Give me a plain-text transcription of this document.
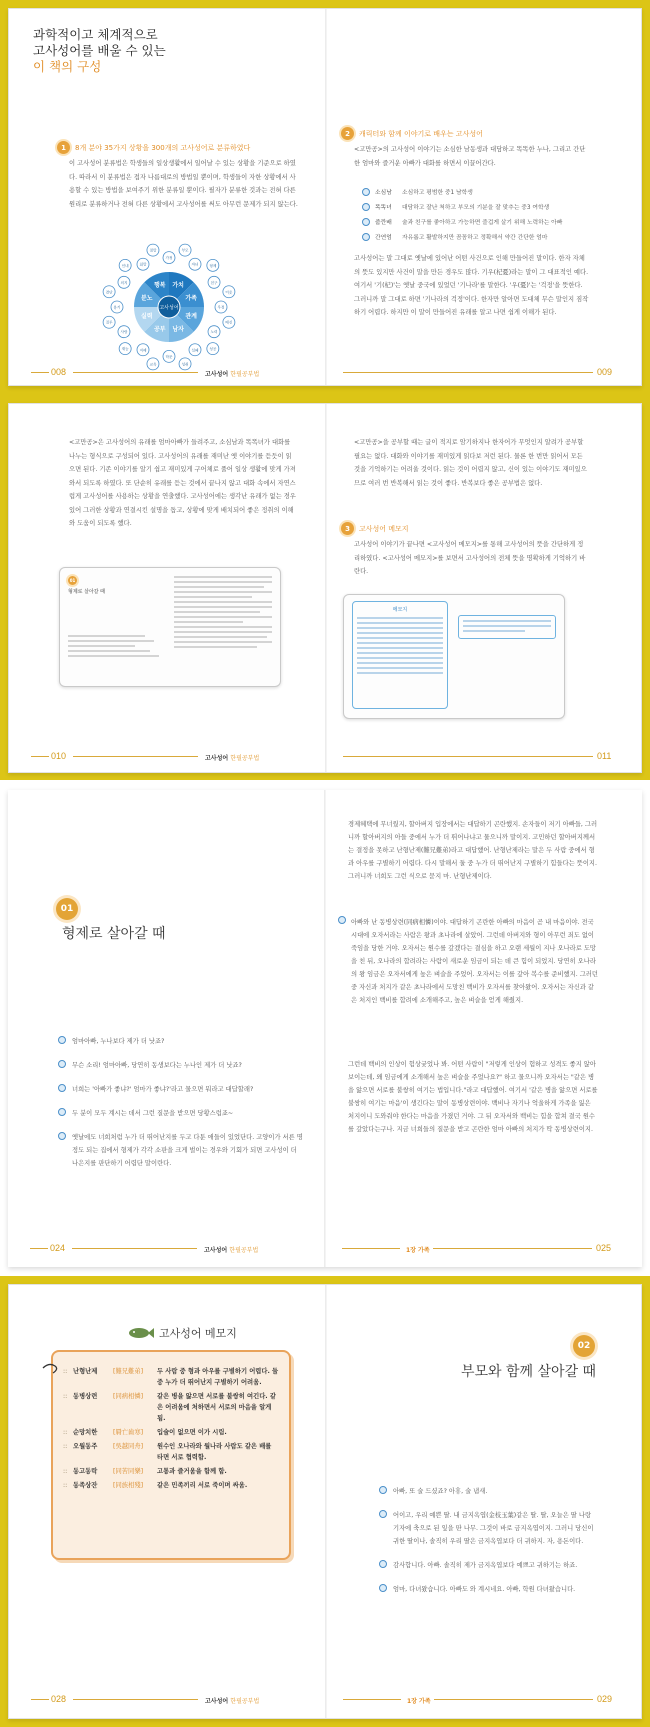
과학적이고 체계적으로
고사성어를 배울 수 있는
이 책의 구성
1	8개 분야 35가지 상황을 300개의 고사성어로 분류하였다
이 고사성어 분류법은 학생들의 일상생활에서 일어날 수 있는 상황을 기준으로 하였다. 따라서 이 분류법은 접자 나름대로의 방법일 뿐이며, 학생들이 자한 상황에서 사용할 수 있는 방법을 보여주기 위한 분류일 뿐이다. 필자가 분류한 것과는 전혀 다른 원리로 분류하거나 전혀 다른 상황에서 고사성어를 써도 아무런 문제가 되지 않는다.
고사성어
가치
가족
관계
남자
공부
실력
분노
행복
가정
부모
자녀	형제
친구
이웃
우정
배신
노력
성공
실패
성취
학문
교육
지혜
재능
사랑
질투
용기
결단
의지
인내	희망
절망
008	고사성어 한필공부법
2	캐릭터와 함께 이야기로 배우는 고사성어
<고만공>의 고사성어 이야기는 소심한 남동생과 대담하고 똑똑한 누나, 그리고 간단한 엄마와 즐거운 아빠가 대화를 하면서 이끌어간다.
소심남	소심하고 평범한 중1 남학생
똑똑녀	대담하고 잘난 척하고 부모의 기분을 잘 맞추는 중3 여학생
줍깐배	술과 친구를 좋아하고 가능하면 즐겁게 살기 위해 노력하는 아빠
간연엄	자유롭고 활발하지만 꼼꼼하고 정확해서 약간 간단한 엄마
고사성어는 말 그대로 옛날에 있어난 어떤 사건으로 인해 만들어진 말이다. 한자 자체의 뜻도 있지만 사건이 말을 만든 경우도 많다. 기우(杞憂)라는 말이 그 대표적인 예다. 여기서 '기(杞)'는 옛날 중국에 있었던 '기나라'를 말한다. '우(憂)'는 '걱정'을 뜻한다. 그러니까 말 그대로 하면 '기나라의 걱정'이다. 한자만 알아면 도대체 무슨 말인지 짐작하기 어렵다. 하지만 이 말이 만들어진 유래를 알고 나면 쉽게 이해가 된다.
009
<고만공>은 고사성어의 유래를 엄마아빠가 들려주고, 소심남과 똑똑녀가 대화를 나누는 형식으로 구성되어 있다. 고사성어의 유래를 재미난 옛 이야기를 듣듯이 읽으면 된다. 기존 이야기를 알기 쉽고 재미있게 구어체로 풀어 일상 생활에 맞게 가져와서 되도록 하였다. 또 단순히 유래를 듣는 것에서 끝나지 않고 대화 속에서 자연스럽게 고사성어를 사용하는 상황을 연출했다. 고사성어에는 생각난 유래가 없는 경우 있어 그러한 상황과 연결시킨 설명을 돕고, 상황에 맞게 배치되어 좋은 정취의 이해와 도움이 되도록 했다.
01
형제로 살아갈 때
010	고사성어 한필공부법
<고만공>을 공부할 때는 글이 적지로 암기하지나 한자어가 무엇인지 알려가 공부할 필요는 없다. 대화와 이야기를 재미있게 읽다보 저런 된다. 물론 한 번만 읽어서 모든 것을 기억하기는 어려울 것이다. 읽는 것이 어렵지 않고, 신이 있는 이야기도 재미있으므로 여러 번 반복해서 읽는 것이 좋다. 반복보다 좋은 공부법은 없다.
3	고사성어 메모지
고사성어 이야기가 끝나면 <고사성어 메모지>를 통해 고사성어의 뜻을 간단하게 정리하였다. <고사성어 메모지>를 보면서 고사성어의 전체 뜻을 명확하게 기억하기 바란다.
메모지
011
01
형제로 살아갈 때
엄마아빠, 누나보다 제가 더 낫죠?
무슨 소리! 엄마아빠, 당연히 동생보다는 누나인 제가 더 낫죠?
너희는 '아빠가 좋냐?' 엄마가 좋냐?'라고 물으면 뭐라고 대답할래?
두 분이 모두 계시는 데서 그런 질문을 받으면 당황스럽죠~
옛날에도 너희처럼 누가 더 뛰어난지를 두고 다툰 애들이 있었단다. 고양이가 서른 명 정도 되는 집에서 형제가 각각 소판을 크게 벌이는 경우와 기회가 되면 고사성이 더 나은지를 판단하기 어렵단 말이란다.
024	고사성어 한필공부법
경제혜택에 무너웠지, 할아버지 입장에서는 대답하기 곤란했지. 손자들이 저기 아빠들, 그러니까 할아버지의 아들 중에서 누가 더 뛰어나냐고 물으니까 말이지. 고민하던 할아버지께서는 결정을 못하고 난형난제(難兄難弟)라고 대답했어. 난형난제라는 말은 두 사람 중에서 형과 아우를 구별하기 어렵다. 다시 말해서 둘 중 누가 더 뛰어난지 구별하기 힘들다는 뜻이지. 그러니까 너희도 그런 식으로 묻지 마. 난형난제이다.
아빠와 난 동병상련(同病相憐)이야. 대답하기 곤란한 아빠의 마음이 곧 내 마음이야. 전국시대에 오자서라는 사람은 왕과 초나라에 살았어. 그런데 아버지와 형이 아무런 죄도 없이 죽임을 당한 거야. 오자서는 원수를 갚겠다는 결심을 하고 오랜 세월이 지나 오나라로 도망을 친 뒤, 오나라의 합려라는 사람이 새로운 임금이 되는 데 큰 힘이 되었지. 당연히 오나라의 왕 임금은 오자서에게 높은 벼슬을 주었어. 오자서는 이를 갚아 복수를 준비했지. 그러던 중 자신과 처지가 같은 초나라에서 도망친 백비가 오자서를 찾아왔어. 오자서는 자신과 같은 처지인 백비를 합려에 소개해주고, 높은 벼슬을 얻게 해줬지.
그런데 백비의 인상이 험상궂었나 봐. 어떤 사람이 "저렇게 인상이 험하고 성격도 좋지 않아 보이는데, 왜 임금에게 소개해서 높은 벼슬을 주었나요?" 하고 물으니까 오자서는 "같은 병을 앓으면 서로를 불쌍히 여기는 법입니다."라고 대답했어. 여기서 '같은 병을 앓으면 서로를 불쌍히 여기는 마음'이 생긴다는 말이 동병상련이야. 백비나 자기나 억울하게 가족을 잃은 처지이니 도와줘야 한다는 마음을 가졌던 거야. 그 뒤 오자서와 백비는 힘을 합쳐 결국 원수를 갚았다는구나. 지금 너희들의 질문을 받고 곤란한 엄마 아빠의 처지가 딱 동병상련이지.
1장 가족	025
고사성어 메모지
:: 난형난제	[難兄難弟]	두 사람 중 형과 아우를 구별하기 어렵다. 둘 중 누가 더 뛰어난지 구별하기 어려움.
:: 동병상련	[同病相憐]	같은 병을 앓으면 서로를 불쌍히 여긴다. 같은 어려움에 처하면서 서로의 마음을 알게 됨.
:: 순망치한	[脣亡齒寒]	입술이 없으면 이가 시림.
:: 오월동주	[吳越同舟]	원수인 오나라와 월나라 사람도 같은 배를 타면 서로 협력함.
:: 동고동락	[同苦同樂]	고통과 즐거움을 함께 함.
:: 동족상잔	[同族相殘]	같은 민족끼리 서로 죽이며 싸움.
028	고사성어 한필공부법
02
부모와 함께 살아갈 때
아빠, 또 술 드셨죠? 아휴, 술 냄새.
어이고, 우리 예쁜 딸. 내 금지옥엽(金枝玉葉)같은 딸. 딸, 오늘은 딸 나랑 기자에 축으로 된 잎을 딴 나무. 그것이 바로 금지옥엽이지. 그러니 당신이 귀한 딸이나, 솔직히 우리 딸은 금지옥엽보다 더 귀하지. 자, 용돈이다.
감사합니다. 아빠. 솔직히 제가 금지옥엽보다 예쁘고 귀하기는 하죠.
엄마, 다녀왔습니다. 아빠도 와 계시네요. 아빠, 학원 다녀왔습니다.
1장 가족	029
